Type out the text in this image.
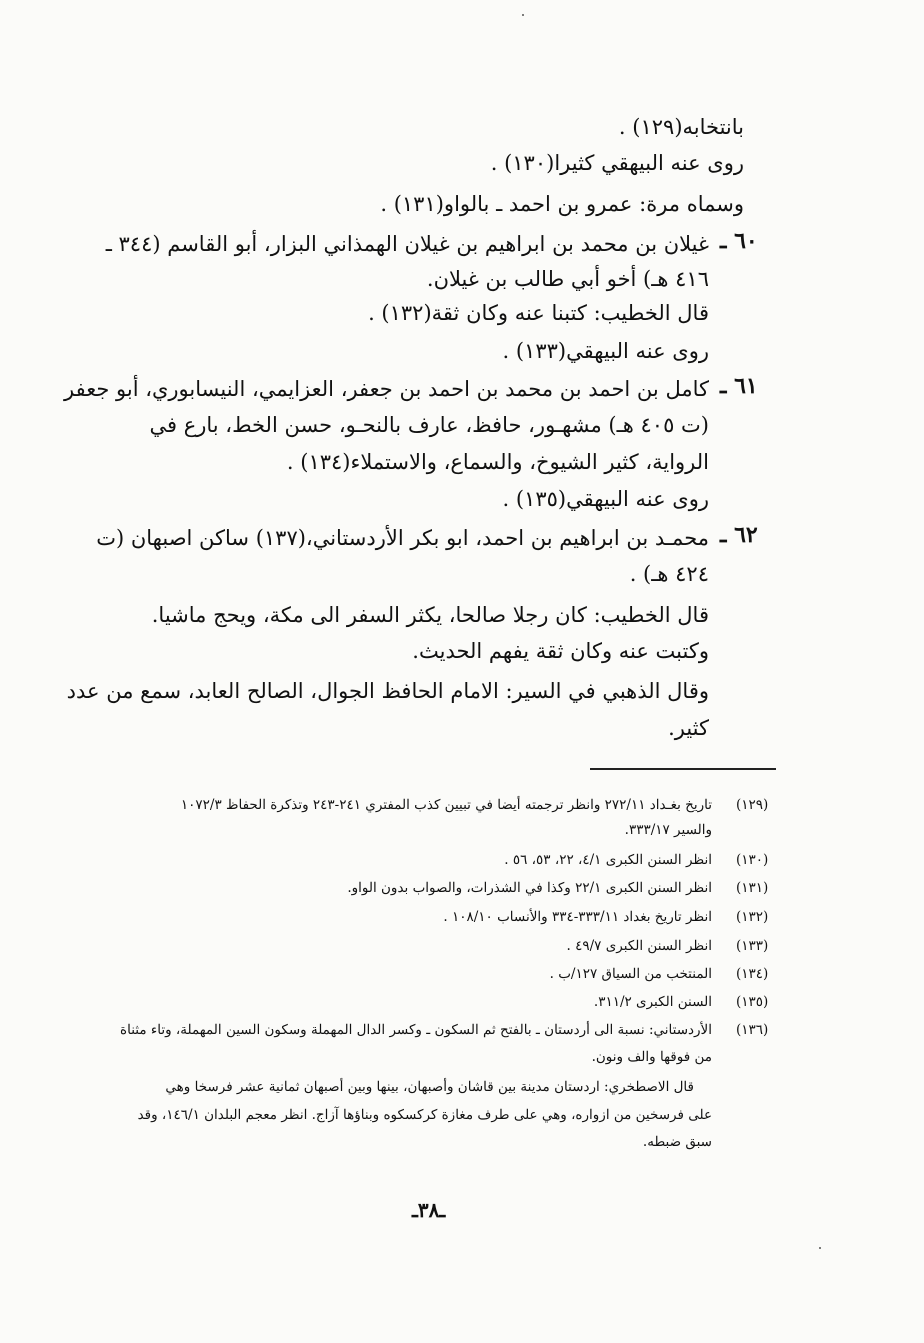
بانتخابه(١٢٩) .
روى عنه البيهقي كثيرا(١٣٠) .
وسماه مرة: عمرو بن احمد ـ بالواو(١٣١) .
٦٠ ـ
غيلان بن محمد بن ابراهيم بن غيلان الهمذاني البزار، أبو القاسم (٣٤٤ ـ
٤١٦ هـ) أخو أبي طالب بن غيلان.
قال الخطيب: كتبنا عنه وكان ثقة(١٣٢) .
روى عنه البيهقي(١٣٣) .
٦١ ـ
كامل بن احمد بن محمد بن احمد بن جعفر، العزايمي، النيسابوري، أبو جعفر
(ت ٤٠٥ هـ) مشهـور، حافظ، عارف بالنحـو، حسن الخط، بارع في
الرواية، كثير الشيوخ، والسماع، والاستملاء(١٣٤) .
روى عنه البيهقي(١٣٥) .
٦٢ ـ
محمـد بن ابراهيم بن احمد، ابو بكر الأردستاني،(١٣٧) ساكن اصبهان (ت
٤٢٤ هـ) .
قال الخطيب: كان رجلا صالحا، يكثر السفر الى مكة، ويحج ماشيا.
وكتبت عنه وكان ثقة يفهم الحديث.
وقال الذهبي في السير: الامام الحافظ الجوال، الصالح العابد، سمع من عدد
كثير.
(١٢٩)
(١٣٠)
(١٣١)
(١٣٢)
(١٣٣)
(١٣٤)
(١٣٥)
(١٣٦)
تاريخ بغـداد ٢٧٢/١١ وانظر ترجمته أيضا في تبيين كذب المفتري ٢٤١-٢٤٣ وتذكرة الحفاظ ١٠٧٢/٣
والسير ٣٣٣/١٧.
انظر السنن الكبرى ٤/١، ٢٢، ٥٣، ٥٦ .
انظر السنن الكبرى ٢٢/١ وكذا في الشذرات، والصواب بدون الواو.
انظر تاريخ بغداد ٣٣٣/١١-٣٣٤ والأنساب ١٠٨/١٠ .
انظر السنن الكبرى ٤٩/٧ .
المنتخب من السياق ١٢٧/ب .
السنن الكبرى ٣١١/٢.
الأردستاني: نسبة الى أردستان ـ بالفتح ثم السكون ـ وكسر الدال المهملة وسكون السين المهملة، وتاء مثناة
من فوقها والف ونون.
قال الاصطخري: اردستان مدينة بين قاشان وأصبهان، بينها وبين أصبهان ثمانية عشر فرسخا وهي
على فرسخين من ازواره، وهي على طرف مغازة كركسكوه وبناؤها آزاج. انظر معجم البلدان ١٤٦/١، وقد
سبق ضبطه.
ـ٣٨ـ
